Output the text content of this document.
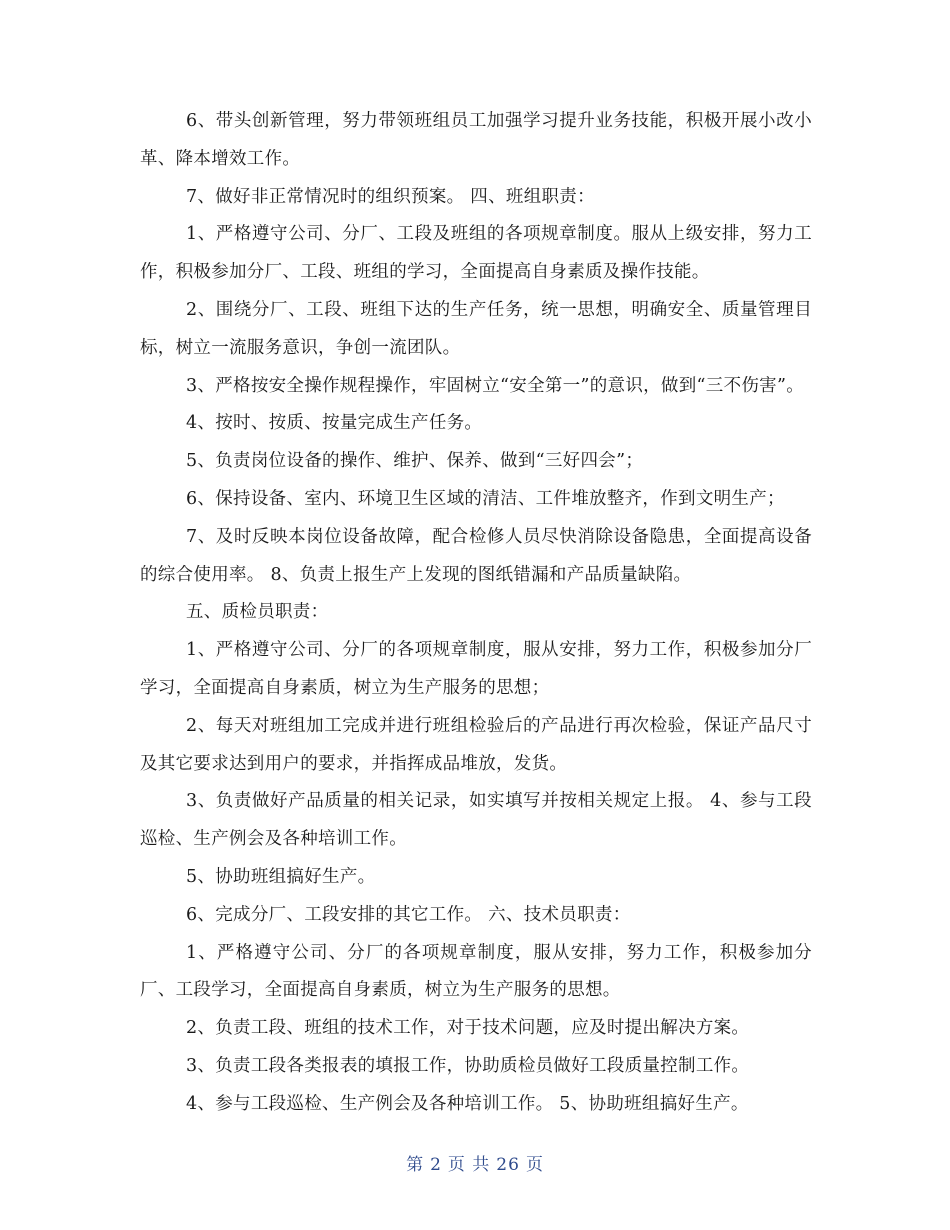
6、带头创新管理，努力带领班组员工加强学习提升业务技能，积极开展小改小革、降本增效工作。

7、做好非正常情况时的组织预案。 四、班组职责：

1、严格遵守公司、分厂、工段及班组的各项规章制度。服从上级安排，努力工作，积极参加分厂、工段、班组的学习，全面提高自身素质及操作技能。

2、围绕分厂、工段、班组下达的生产任务，统一思想，明确安全、质量管理目标，树立一流服务意识，争创一流团队。

3、严格按安全操作规程操作，牢固树立“安全第一”的意识，做到“三不伤害”。

4、按时、按质、按量完成生产任务。

5、负责岗位设备的操作、维护、保养、做到“三好四会”；

6、保持设备、室内、环境卫生区域的清洁、工件堆放整齐，作到文明生产；

7、及时反映本岗位设备故障，配合检修人员尽快消除设备隐患，全面提高设备的综合使用率。 8、负责上报生产上发现的图纸错漏和产品质量缺陷。

五、质检员职责：

1、严格遵守公司、分厂的各项规章制度，服从安排，努力工作，积极参加分厂学习，全面提高自身素质，树立为生产服务的思想；

2、每天对班组加工完成并进行班组检验后的产品进行再次检验，保证产品尺寸及其它要求达到用户的要求，并指挥成品堆放，发货。

3、负责做好产品质量的相关记录，如实填写并按相关规定上报。 4、参与工段巡检、生产例会及各种培训工作。

5、协助班组搞好生产。

6、完成分厂、工段安排的其它工作。 六、技术员职责：

1、严格遵守公司、分厂的各项规章制度，服从安排，努力工作，积极参加分厂、工段学习，全面提高自身素质，树立为生产服务的思想。

2、负责工段、班组的技术工作，对于技术问题，应及时提出解决方案。

3、负责工段各类报表的填报工作，协助质检员做好工段质量控制工作。

4、参与工段巡检、生产例会及各种培训工作。 5、协助班组搞好生产。

第 2 页 共 26 页
